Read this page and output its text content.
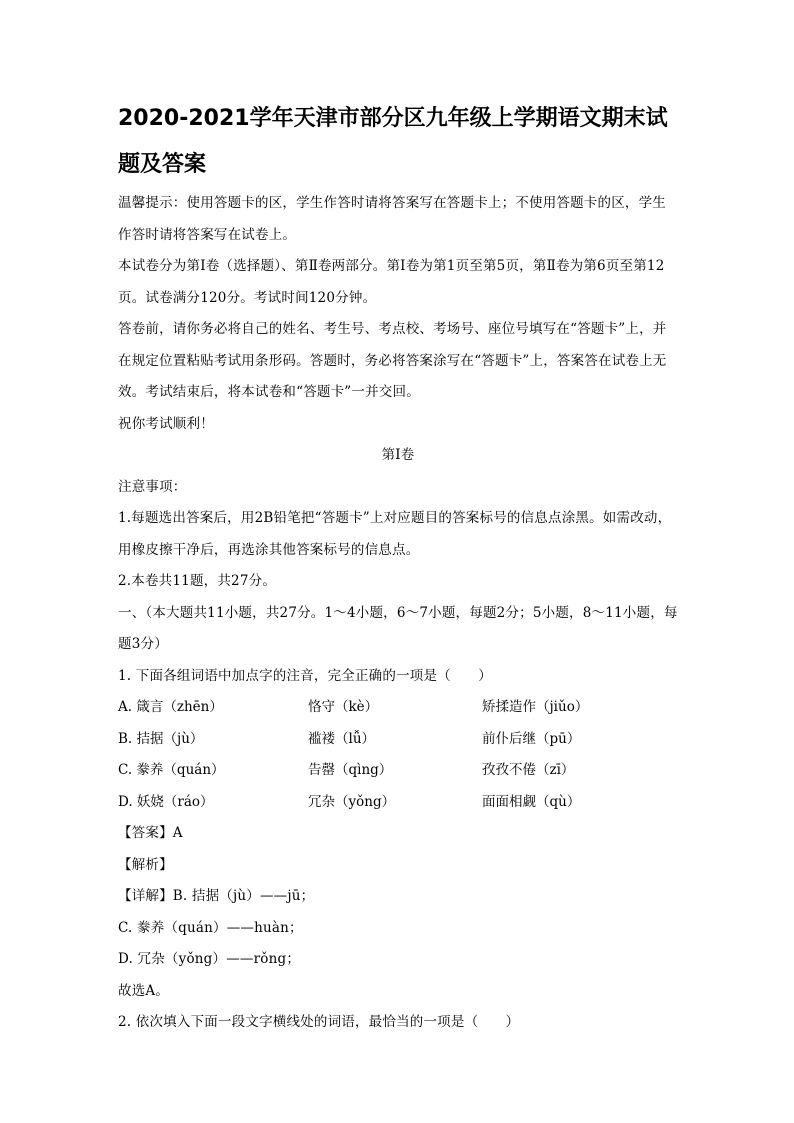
2020-2021学年天津市部分区九年级上学期语文期末试题及答案

温馨提示：使用答题卡的区，学生作答时请将答案写在答题卡上；不使用答题卡的区，学生作答时请将答案写在试卷上。

本试卷分为第Ⅰ卷（选择题）、第Ⅱ卷两部分。第Ⅰ卷为第1页至第5页，第Ⅱ卷为第6页至第12页。试卷满分120分。考试时间120分钟。

答卷前，请你务必将自己的姓名、考生号、考点校、考场号、座位号填写在“答题卡”上，并在规定位置粘贴考试用条形码。答题时，务必将答案涂写在“答题卡”上，答案答在试卷上无效。考试结束后，将本试卷和“答题卡”一并交回。

祝你考试顺利！

第Ⅰ卷

注意事项：

1.每题选出答案后，用2B铅笔把“答题卡”上对应题目的答案标号的信息点涂黑。如需改动，用橡皮擦干净后，再选涂其他答案标号的信息点。

2.本卷共11题，共27分。

一、（本大题共11小题，共27分。1～4小题，6～7小题，每题2分；5小题，8～11小题，每题3分）

1. 下面各组词语中加点字的注音，完全正确的一项是（　　）

A. 箴言（zhēn）	恪守（kè）	矫揉造作（jiǔo）
B. 拮据（jù）	褴褛（lǚ）	前仆后继（pū）
C. 豢养（quán）	告罄（qìng）	孜孜不倦（zī）
D. 妖娆（ráo）	冗杂（yǒng）	面面相觑（qù）

【答案】A

【解析】

【详解】B. 拮据（jù）——jū；

C. 豢养（quán）——huàn；

D. 冗杂（yǒng）——rǒng；

故选A。

2. 依次填入下面一段文字横线处的词语，最恰当的一项是（　　）
